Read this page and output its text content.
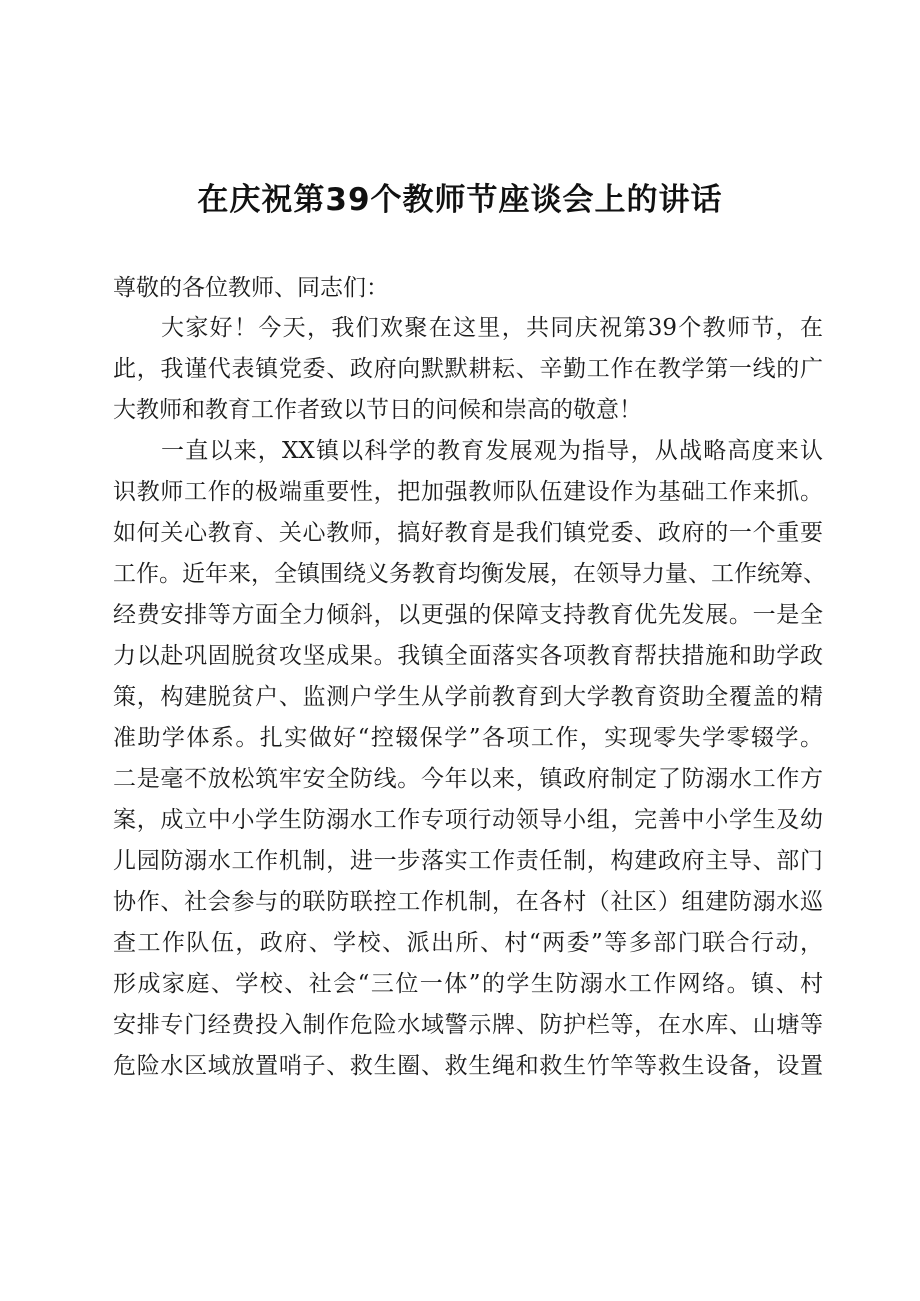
在庆祝第39个教师节座谈会上的讲话

尊敬的各位教师、同志们：

大家好！今天，我们欢聚在这里，共同庆祝第39个教师节，在
此，我谨代表镇党委、政府向默默耕耘、辛勤工作在教学第一线的广
大教师和教育工作者致以节日的问候和崇高的敬意！
一直以来，XX镇以科学的教育发展观为指导，从战略高度来认
识教师工作的极端重要性，把加强教师队伍建设作为基础工作来抓。
如何关心教育、关心教师，搞好教育是我们镇党委、政府的一个重要
工作。近年来，全镇围绕义务教育均衡发展，在领导力量、工作统筹、
经费安排等方面全力倾斜，以更强的保障支持教育优先发展。一是全
力以赴巩固脱贫攻坚成果。我镇全面落实各项教育帮扶措施和助学政
策，构建脱贫户、监测户学生从学前教育到大学教育资助全覆盖的精
准助学体系。扎实做好“控辍保学”各项工作，实现零失学零辍学。
二是毫不放松筑牢安全防线。今年以来，镇政府制定了防溺水工作方
案，成立中小学生防溺水工作专项行动领导小组，完善中小学生及幼
儿园防溺水工作机制，进一步落实工作责任制，构建政府主导、部门
协作、社会参与的联防联控工作机制，在各村（社区）组建防溺水巡
查工作队伍，政府、学校、派出所、村“两委”等多部门联合行动，
形成家庭、学校、社会“三位一体”的学生防溺水工作网络。镇、村
安排专门经费投入制作危险水域警示牌、防护栏等，在水库、山塘等
危险水区域放置哨子、救生圈、救生绳和救生竹竿等救生设备，设置
